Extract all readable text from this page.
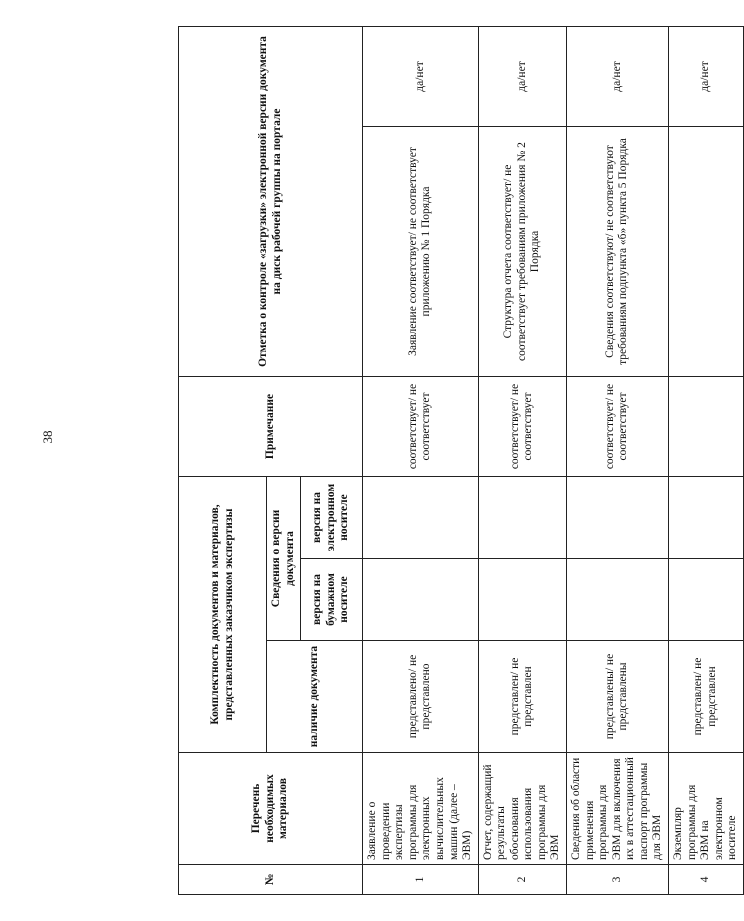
38
№	Перечень необходимых материалов	Комплектность документов и материалов, представленных заказчиком экспертизы			Примечание	Отметка о контроле «загрузки» электронной версии документа на диск рабочей группы на портале	
		наличие документа	Сведения о версии документа				
			версия на бумажном носителе	версия на электронном носителе			
1	Заявление о проведении экспертизы программы для электронных вычислительных машин (далее – ЭВМ)	представлено/ не представлено			соответствует/ не соответствует	Заявление соответствует/ не соответствует приложению № 1 Порядка	да/нет
2	Отчет, содержащий результаты обоснования использования программы для ЭВМ	представлен/ не представлен			соответствует/ не соответствует	Структура отчета соответствует/ не соответствует требованиям приложения № 2 Порядка	да/нет
3	Сведения об области применения программы для ЭВМ для включения их в аттестационный паспорт программы для ЭВМ	представлены/ не представлены			соответствует/ не соответствует	Сведения соответствуют/ не соответствуют требованиям подпункта «б» пункта 5 Порядка	да/нет
4	Экземпляр программы для ЭВМ на электронном носителе	представлен/ не представлен					да/нет
